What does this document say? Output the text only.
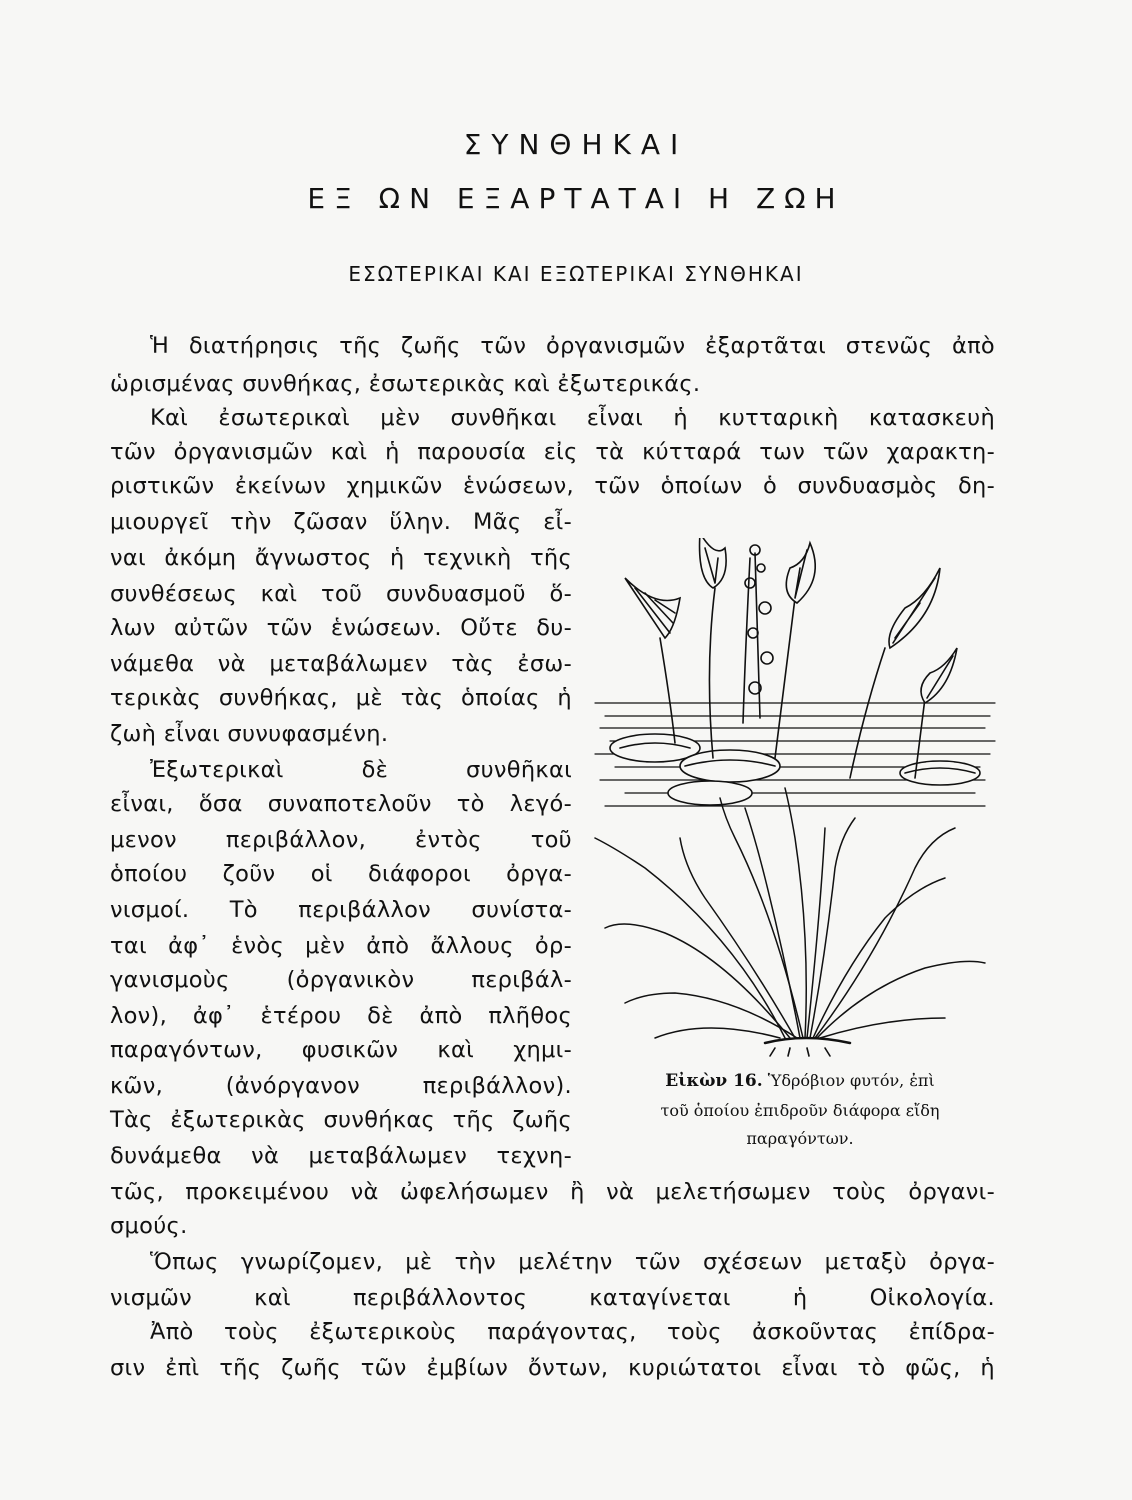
ΣΥΝΘΗΚΑΙ
ΕΞ ΩΝ ΕΞΑΡΤΑΤΑΙ Η ΖΩΗ
ΕΣΩΤΕΡΙΚΑΙ ΚΑΙ ΕΞΩΤΕΡΙΚΑΙ ΣΥΝΘΗΚΑΙ
Ἡ διατήρησις τῆς ζωῆς τῶν ὀργανισμῶν ἐξαρτᾶται στενῶς ἀπὸ
ὡρισμένας συνθήκας, ἐσωτερικὰς καὶ ἐξωτερικάς.
Καὶ ἐσωτερικαὶ μὲν συνθῆκαι εἶναι ἡ κυτταρικὴ κατασκευὴ
τῶν ὀργανισμῶν καὶ ἡ παρουσία εἰς τὰ κύτταρά των τῶν χαρακτη-
ριστικῶν ἐκείνων χημικῶν ἑνώσεων, τῶν ὁποίων ὁ συνδυασμὸς δη-
μιουργεῖ τὴν ζῶσαν ὕλην. Μᾶς εἶ-
ναι ἀκόμη ἄγνωστος ἡ τεχνικὴ τῆς
συνθέσεως καὶ τοῦ συνδυασμοῦ ὅ-
λων αὐτῶν τῶν ἑνώσεων. Οὔτε δυ-
νάμεθα νὰ μεταβάλωμεν τὰς ἐσω-
τερικὰς συνθήκας, μὲ τὰς ὁποίας ἡ
ζωὴ εἶναι συνυφασμένη.
Ἐξωτερικαὶ δὲ συνθῆκαι
εἶναι, ὅσα συναποτελοῦν τὸ λεγό-
μενον περιβάλλον, ἐντὸς τοῦ
ὁποίου ζοῦν οἱ διάφοροι ὀργα-
νισμοί. Τὸ περιβάλλον συνίστα-
ται ἀφ᾽ ἑνὸς μὲν ἀπὸ ἄλλους ὀρ-
γανισμοὺς (ὀργανικὸν περιβάλ-
λον), ἀφ᾽ ἑτέρου δὲ ἀπὸ πλῆθος
παραγόντων, φυσικῶν καὶ χημι-
κῶν, (ἀνόργανον περιβάλλον).
Τὰς ἐξωτερικὰς συνθήκας τῆς ζωῆς
δυνάμεθα νὰ μεταβάλωμεν τεχνη-
τῶς, προκειμένου νὰ ὠφελήσωμεν ἢ νὰ μελετήσωμεν τοὺς ὀργανι-
σμούς.
Ὅπως γνωρίζομεν, μὲ τὴν μελέτην τῶν σχέσεων μεταξὺ ὀργα-
νισμῶν καὶ περιβάλλοντος καταγίνεται ἡ Οἰκολογία.
Ἀπὸ τοὺς ἐξωτερικοὺς παράγοντας, τοὺς ἀσκοῦντας ἐπίδρα-
σιν ἐπὶ τῆς ζωῆς τῶν ἐμβίων ὄντων, κυριώτατοι εἶναι τὸ φῶς, ἡ
Εἰκὼν 16. Ὑδρόβιον φυτόν, ἐπὶ
τοῦ ὁποίου ἐπιδροῦν διάφορα εἴδη
παραγόντων.
